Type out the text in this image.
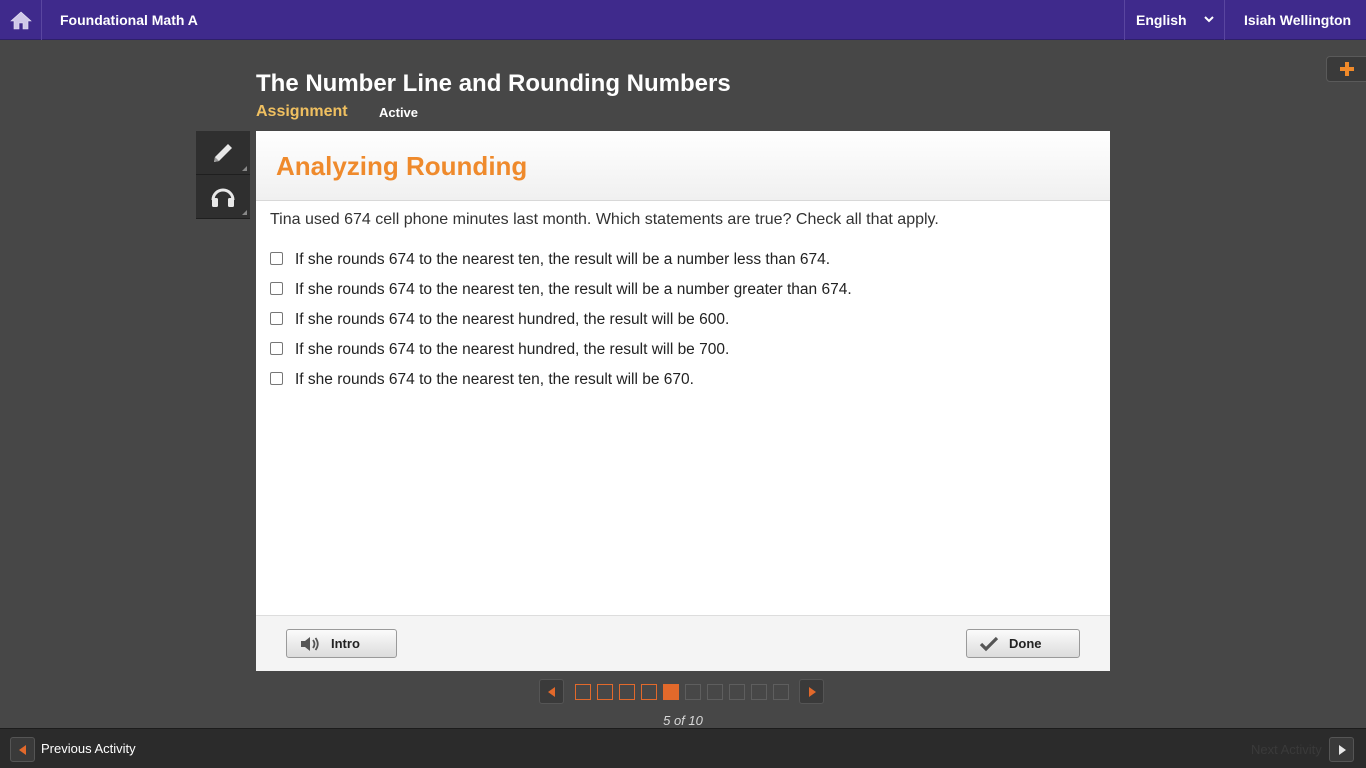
Foundational Math A	English	Isiah Wellington
The Number Line and Rounding Numbers
Assignment Active
Analyzing Rounding
Tina used 674 cell phone minutes last month. Which statements are true? Check all that apply.
If she rounds 674 to the nearest ten, the result will be a number less than 674.
If she rounds 674 to the nearest ten, the result will be a number greater than 674.
If she rounds 674 to the nearest hundred, the result will be 600.
If she rounds 674 to the nearest hundred, the result will be 700.
If she rounds 674 to the nearest ten, the result will be 670.
Intro	Done
5 of 10
Previous Activity	Next Activity
